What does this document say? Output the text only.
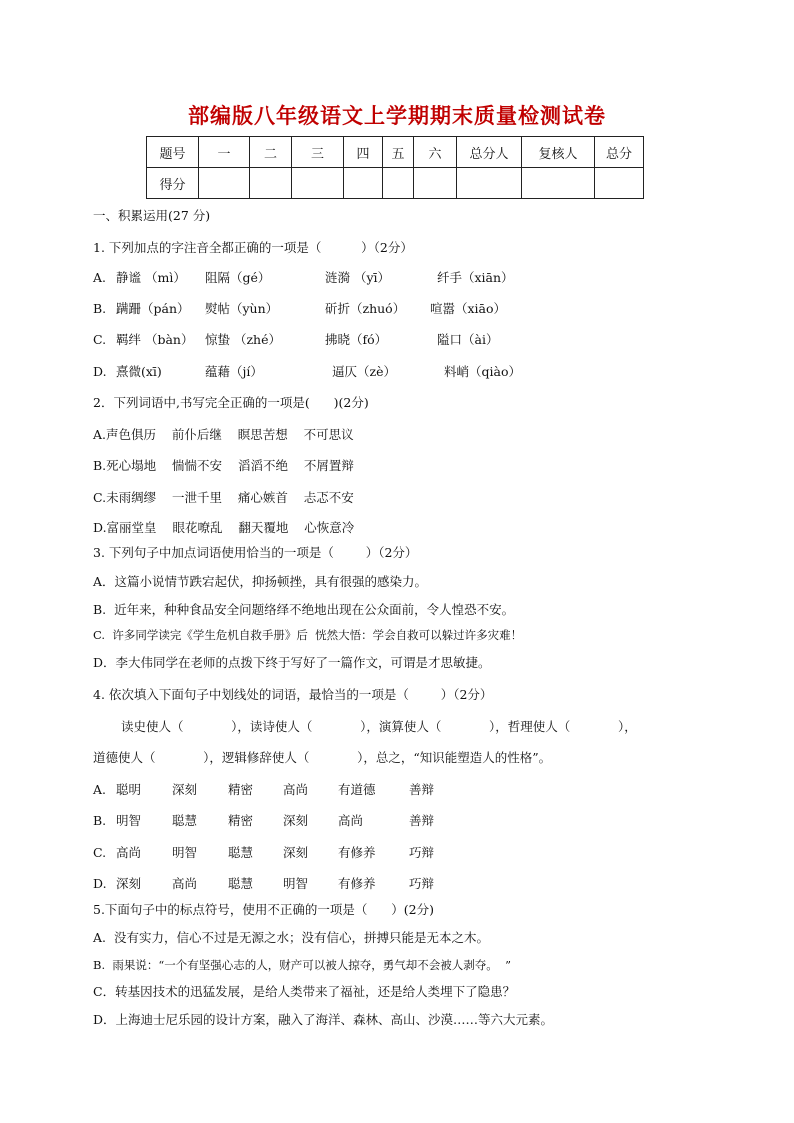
部编版八年级语文上学期期末质量检测试卷
题号	一	二	三	四	五	六	总分人	复核人	总分
得分									
一、积累运用(27 分)
1. 下列加点的字注音全都正确的一项是（          ）（2分）
A. 静谧 （mì） 阻隔（gé）	涟漪 （yī）	纤手（xiān）
B. 蹒跚（pán） 熨帖（yùn）	斫折（zhuó） 喧嚣（xiāo）
C. 羁绊 （bàn） 惊蛰 （zhé）	拂晓（fó）	隘口（ài）
D. 熹微(xī)	蕴藉（jí）	逼仄（zè）	料峭（qiào）
2．下列词语中,书写完全正确的一项是(      )(2分)
A.声色俱历    前仆后继    瞑思苦想    不可思议
B.死心塌地    惴惴不安    滔滔不绝    不屑置辩
C.未雨绸缪    一泄千里    痛心嫉首    忐忑不安
D.富丽堂皇    眼花嘹乱    翻天覆地    心恢意冷
3. 下列句子中加点词语使用恰当的一项是（        ）（2分）
A．这篇小说情节跌宕起伏，抑扬顿挫，具有很强的感染力。
B.  近年来，种种食品安全问题络绎不绝地出现在公众面前，令人惶恐不安。
C.  许多同学读完《学生危机自救手册》后  恍然大悟：学会自救可以躲过许多灾难！
D．李大伟同学在老师的点拨下终于写好了一篇作文，可谓是才思敏捷。
4. 依次填入下面句子中划线处的词语，最恰当的一项是（        ）（2分）
读史使人（            ），读诗使人（            ），演算使人（            ），哲理使人（            ），
道德使人（            ），逻辑修辞使人（            ），总之，“知识能塑造人的性格”。
A. 聪明 深刻 精密 高尚 有道德	善辩
B. 明智 聪慧 精密 深刻 高尚	善辩
C. 高尚 明智 聪慧 深刻 有修养	巧辩
D. 深刻 高尚 聪慧 明智 有修养	巧辩
5.下面句子中的标点符号，使用不正确的一项是（      ）(2分)
A.  没有实力，信心不过是无源之水；没有信心，拼搏只能是无本之木。
B.  雨果说：“一个有坚强心志的人，财产可以被人掠夺，勇气却不会被人剥夺。  ”
C．转基因技术的迅猛发展，是给人类带来了福祉，还是给人类埋下了隐患？
D．上海迪士尼乐园的设计方案，融入了海洋、森林、高山、沙漠……等六大元素。
